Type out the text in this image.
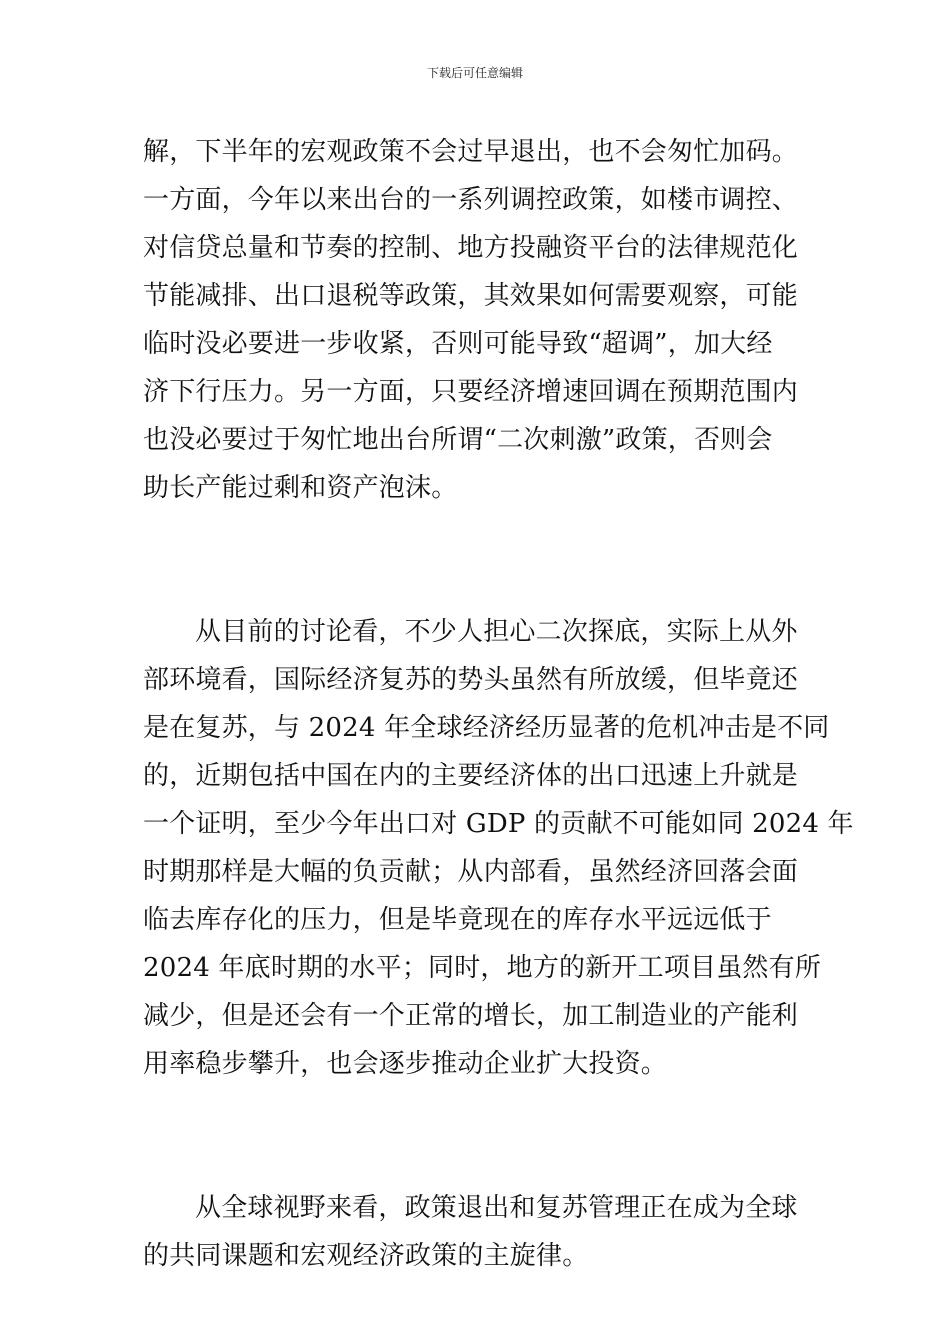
下载后可任意编辑
解，下半年的宏观政策不会过早退出，也不会匆忙加码。
一方面，今年以来出台的一系列调控政策，如楼市调控、
对信贷总量和节奏的控制、地方投融资平台的法律规范化
节能减排、出口退税等政策，其效果如何需要观察，可能
临时没必要进一步收紧，否则可能导致“超调”，加大经
济下行压力。另一方面，只要经济增速回调在预期范围内
也没必要过于匆忙地出台所谓“二次刺激”政策，否则会
助长产能过剩和资产泡沫。
从目前的讨论看，不少人担心二次探底，实际上从外
部环境看，国际经济复苏的势头虽然有所放缓，但毕竟还
是在复苏，与 2024 年全球经济经历显著的危机冲击是不同
的，近期包括中国在内的主要经济体的出口迅速上升就是
一个证明，至少今年出口对 GDP 的贡献不可能如同 2024 年
时期那样是大幅的负贡献；从内部看，虽然经济回落会面
临去库存化的压力，但是毕竟现在的库存水平远远低于
2024 年底时期的水平；同时，地方的新开工项目虽然有所
减少，但是还会有一个正常的增长，加工制造业的产能利
用率稳步攀升，也会逐步推动企业扩大投资。
从全球视野来看，政策退出和复苏管理正在成为全球
的共同课题和宏观经济政策的主旋律。
